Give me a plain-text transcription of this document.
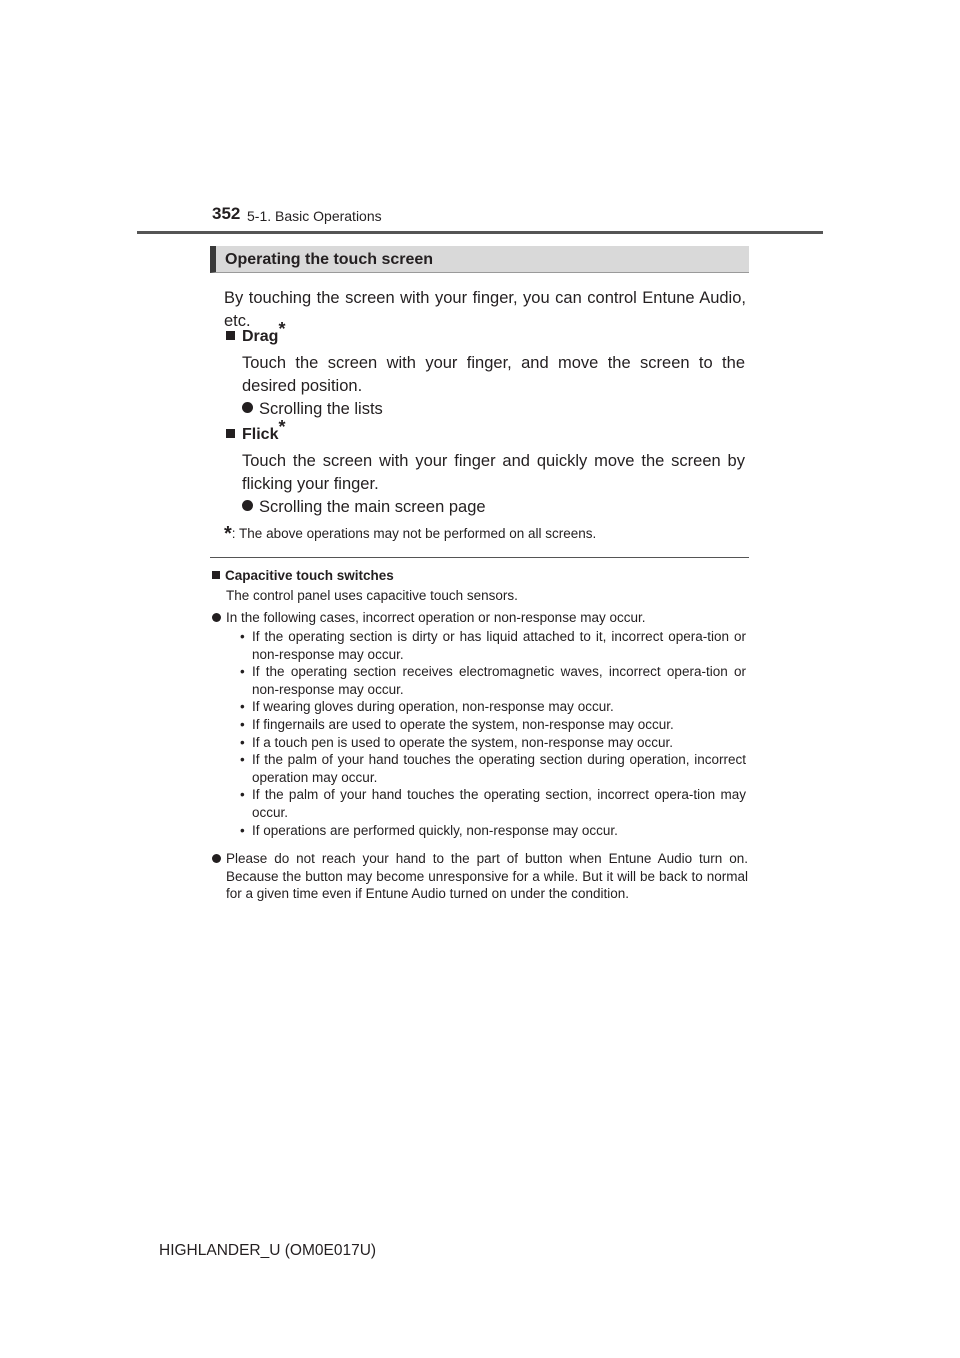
352 5-1. Basic Operations
Operating the touch screen
By touching the screen with your finger, you can control Entune Audio, etc.
Drag*
Touch the screen with your finger, and move the screen to the desired position.
Scrolling the lists
Flick*
Touch the screen with your finger and quickly move the screen by flicking your finger.
Scrolling the main screen page
*: The above operations may not be performed on all screens.
Capacitive touch switches
The control panel uses capacitive touch sensors.
In the following cases, incorrect operation or non-response may occur.
• If the operating section is dirty or has liquid attached to it, incorrect opera-tion or non-response may occur.
• If the operating section receives electromagnetic waves, incorrect opera-tion or non-response may occur.
• If wearing gloves during operation, non-response may occur.
• If fingernails are used to operate the system, non-response may occur.
• If a touch pen is used to operate the system, non-response may occur.
• If the palm of your hand touches the operating section during operation, incorrect operation may occur.
• If the palm of your hand touches the operating section, incorrect opera-tion may occur.
• If operations are performed quickly, non-response may occur.
Please do not reach your hand to the part of button when Entune Audio turn on. Because the button may become unresponsive for a while. But it will be back to normal for a given time even if Entune Audio turned on under the condition.
HIGHLANDER_U (OM0E017U)
